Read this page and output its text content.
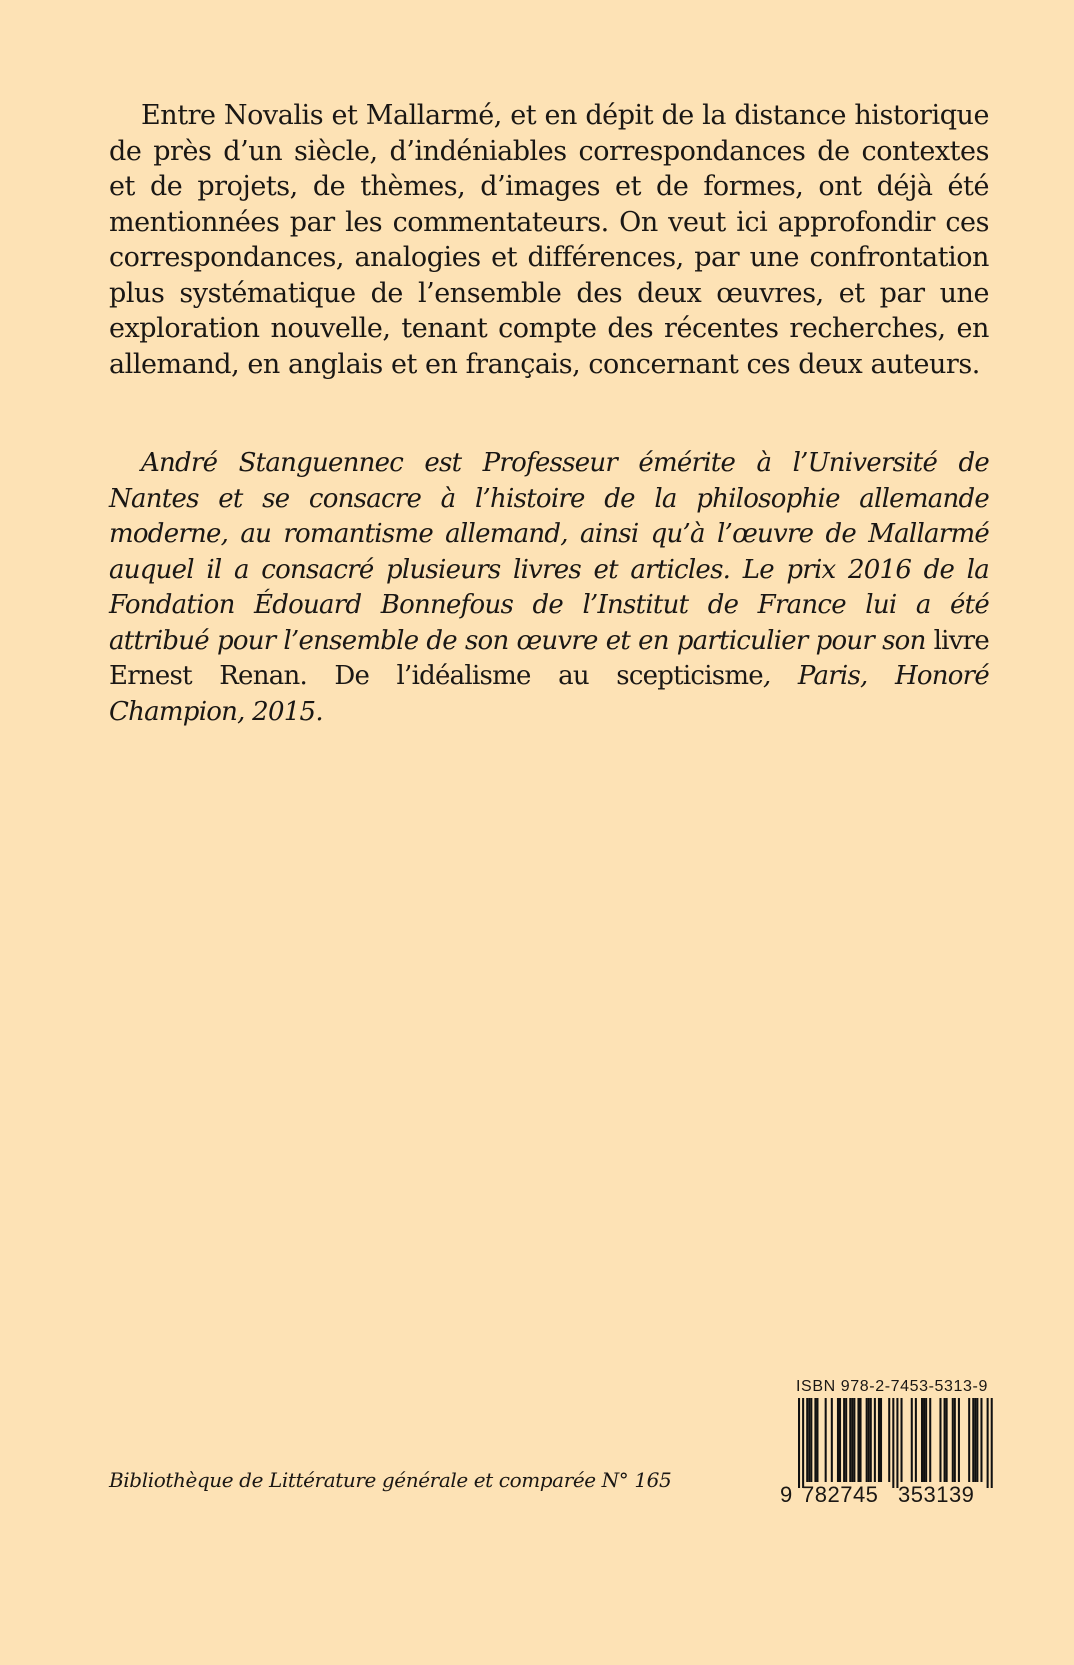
Entre Novalis et Mallarmé, et en dépit de la distance historique de près d’un siècle, d’indéniables correspondances de contextes et de projets, de thèmes, d’images et de formes, ont déjà été mentionnées par les commentateurs. On veut ici approfondir ces correspondances, analogies et différences, par une confrontation plus systématique de l’ensemble des deux œuvres, et par une exploration nouvelle, tenant compte des récentes recherches, en allemand, en anglais et en français, concernant ces deux auteurs.

André Stanguennec est Professeur émérite à l’Université de Nantes et se consacre à l’histoire de la philosophie allemande moderne, au romantisme allemand, ainsi qu’à l’œuvre de Mallarmé auquel il a consacré plusieurs livres et articles. Le prix 2016 de la Fondation Édouard Bonnefous de l’Institut de France lui a été attribué pour l’ensemble de son œuvre et en particulier pour son livre Ernest Renan. De l’idéalisme au scepticisme, Paris, Honoré Champion, 2015.

Bibliothèque de Littérature générale et comparée N° 165

ISBN 978-2-7453-5313-9

9 782745 353139
